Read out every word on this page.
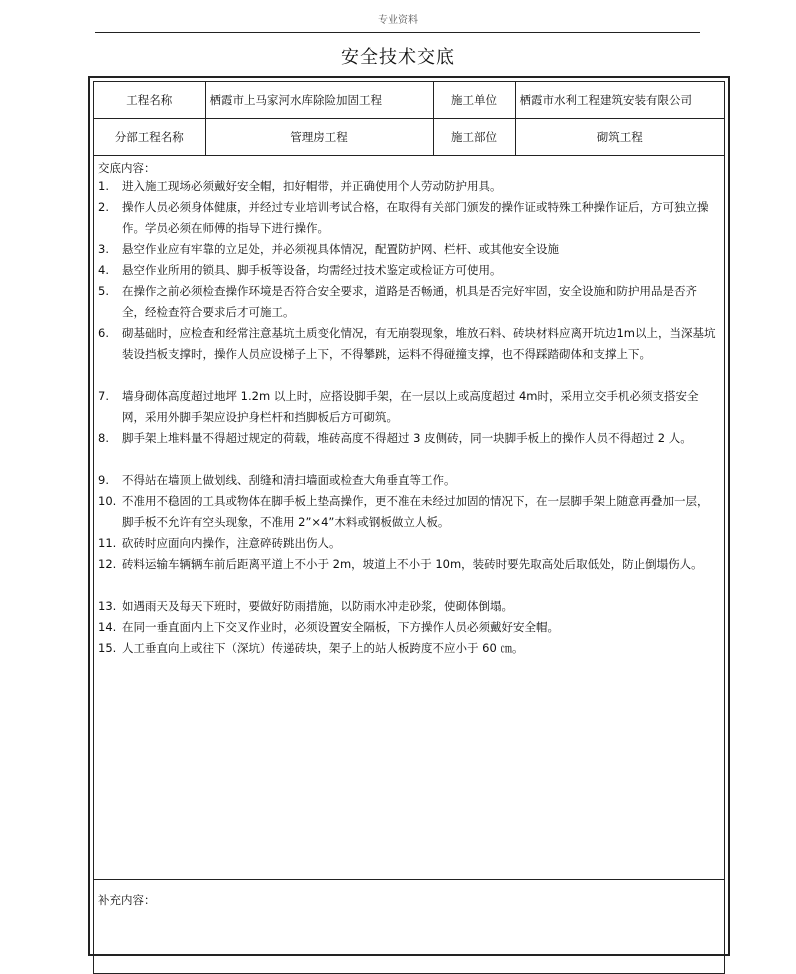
专业资料
安全技术交底
工程名称	栖霞市上马家河水库除险加固工程	施工单位	栖霞市水利工程建筑安装有限公司
分部工程名称	管理房工程	施工部位	砌筑工程
交底内容：
1.	进入施工现场必须戴好安全帽，扣好帽带，并正确使用个人劳动防护用具。
2.	操作人员必须身体健康，并经过专业培训考试合格，在取得有关部门颁发的操作证或特殊工种操作证后，方可独立操作。学员必须在师傅的指导下进行操作。
3.	悬空作业应有牢靠的立足处，并必须视具体情况，配置防护网、栏杆、或其他安全设施
4.	悬空作业所用的锁具、脚手板等设备，均需经过技术鉴定或检证方可使用。
5.	在操作之前必须检查操作环境是否符合安全要求，道路是否畅通，机具是否完好牢固，安全设施和防护用品是否齐全，经检查符合要求后才可施工。
6.	砌基础时，应检查和经常注意基坑土质变化情况，有无崩裂现象，堆放石料、砖块材料应离开坑边1m以上，当深基坑装设挡板支撑时，操作人员应设梯子上下，不得攀跳，运料不得碰撞支撑，也不得踩踏砌体和支撑上下。
7.	墙身砌体高度超过地坪 1.2m 以上时，应搭设脚手架，在一层以上或高度超过 4m时，采用立交手机必须支搭安全网，采用外脚手架应设护身栏杆和挡脚板后方可砌筑。
8.	脚手架上堆料量不得超过规定的荷载，堆砖高度不得超过 3 皮侧砖，同一块脚手板上的操作人员不得超过 2 人。
9.	不得站在墙顶上做划线、刮缝和清扫墙面或检查大角垂直等工作。
10. 不准用不稳固的工具或物体在脚手板上垫高操作，更不准在未经过加固的情况下，在一层脚手架上随意再叠加一层，脚手板不允许有空头现象，不准用 2”×4”木料或钢板做立人板。
11. 砍砖时应面向内操作，注意碎砖跳出伤人。
12. 砖料运输车辆辆车前后距离平道上不小于 2m，坡道上不小于 10m，装砖时要先取高处后取低处，防止倒塌伤人。
13. 如遇雨天及每天下班时，要做好防雨措施，以防雨水冲走砂浆，使砌体倒塌。
14. 在同一垂直面内上下交叉作业时，必须设置安全隔板，下方操作人员必须戴好安全帽。
15. 人工垂直向上或往下（深坑）传递砖块，架子上的站人板跨度不应小于 60 ㎝。
补充内容：
